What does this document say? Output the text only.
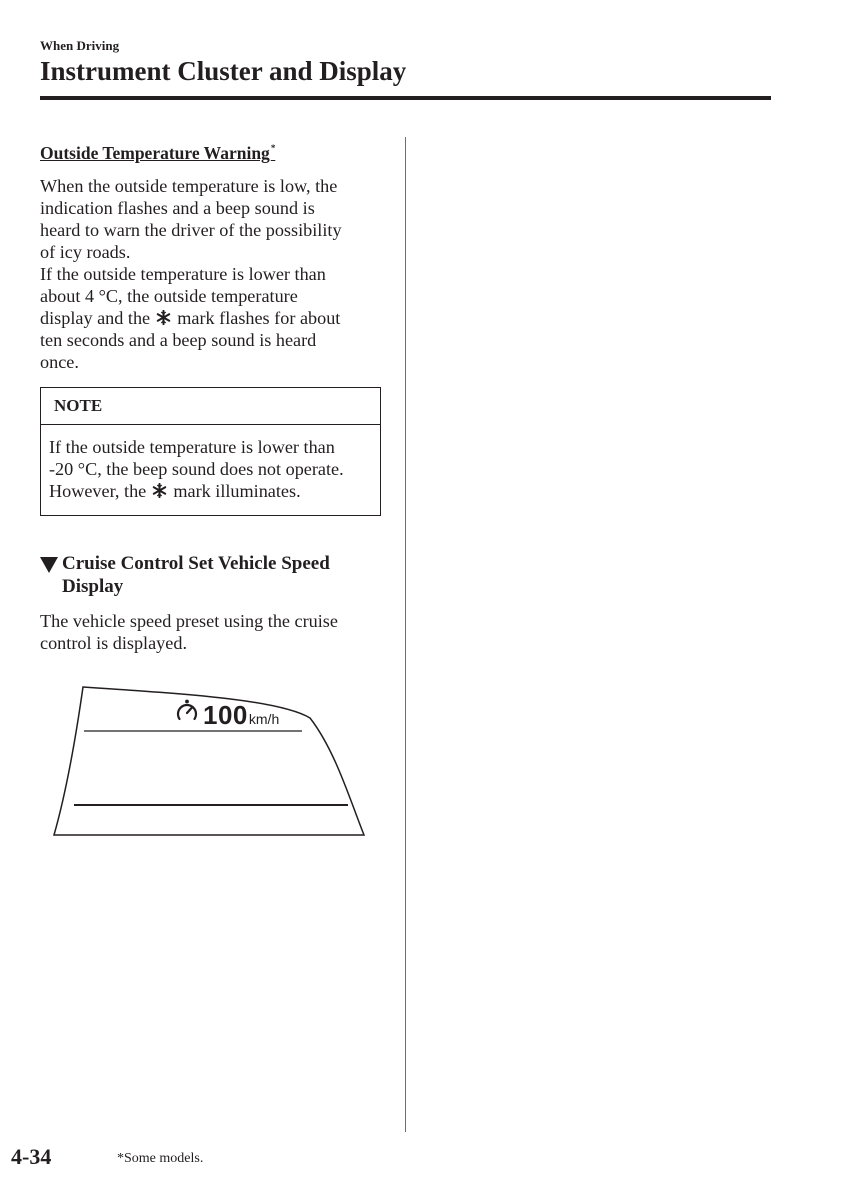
When Driving
Instrument Cluster and Display
Outside Temperature Warning*
When the outside temperature is low, the
indication flashes and a beep sound is
heard to warn the driver of the possibility
of icy roads.
If the outside temperature is lower than
about 4 °C, the outside temperature
display and the mark flashes for about
ten seconds and a beep sound is heard
once.
NOTE
If the outside temperature is lower than
-20 °C, the beep sound does not operate.
However, the mark illuminates.
Cruise Control Set Vehicle Speed
Display
The vehicle speed preset using the cruise
control is displayed.
100km/h
4-34	*Some models.
